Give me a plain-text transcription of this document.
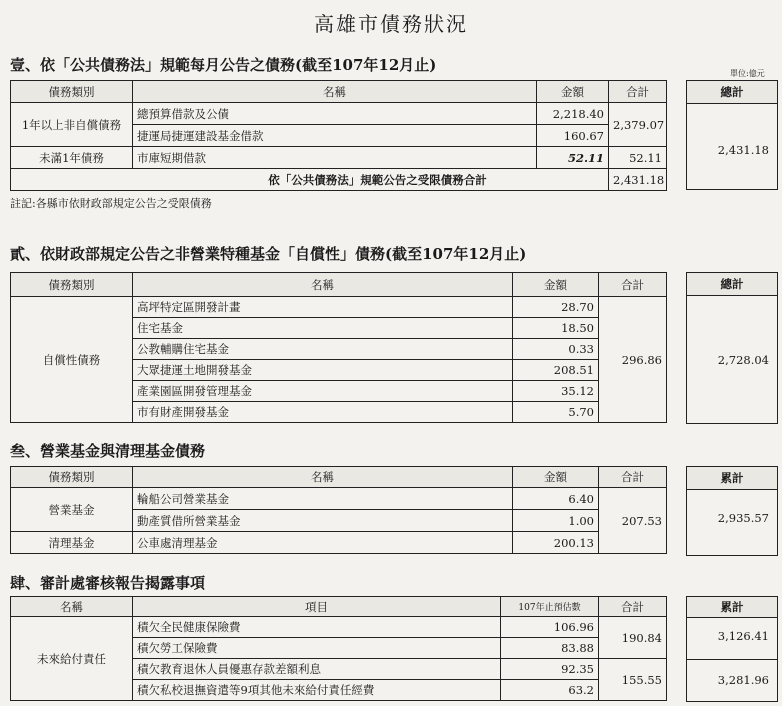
高雄市債務狀況
壹、依「公共債務法」規範每月公告之債務(截至107年12月止)	單位:億元
債務類別	名稱	金額	合計
1年以上非自償債務	總預算借款及公債	2,218.40	2,379.07
	捷運局捷運建設基金借款	160.67	
未滿1年債務	市庫短期借款	52.11	52.11
依「公共債務法」規範公告之受限債務合計			2,431.18
總計
2,431.18
註記:各縣市依財政部規定公告之受限債務
貳、依財政部規定公告之非營業特種基金「自償性」債務(截至107年12月止)
債務類別	名稱	金額	合計
自償性債務	高坪特定區開發計畫	28.70	296.86
	住宅基金	18.50	
	公教輔購住宅基金	0.33	
	大眾捷運土地開發基金	208.51	
	產業園區開發管理基金	35.12	
	市有財產開發基金	5.70	
總計
2,728.04
叁、營業基金與清理基金債務
債務類別	名稱	金額	合計
營業基金	輪船公司營業基金	6.40	207.53
	動產質借所營業基金	1.00	
清理基金	公車處清理基金	200.13	
累計
2,935.57
肆、審計處審核報告揭露事項
名稱	項目	107年止預估數	合計
未來給付責任	積欠全民健康保險費	106.96	190.84
	積欠勞工保險費	83.88	
	積欠教育退休人員優惠存款差額利息	92.35	155.55
	積欠私校退撫資遣等9項其他未來給付責任經費	63.2	
累計
3,126.41
3,281.96
